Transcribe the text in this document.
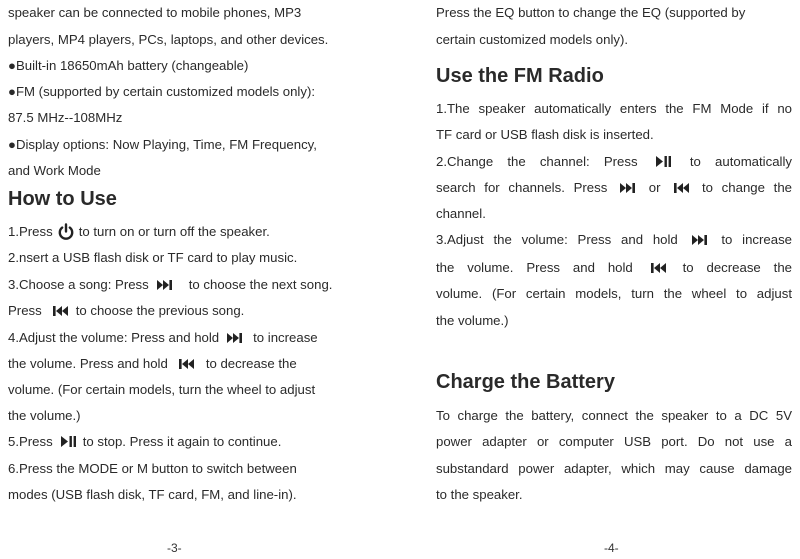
speaker can be connected to mobile phones, MP3
players, MP4 players, PCs, laptops, and other devices.
●Built-in 18650mAh battery (changeable)
●FM (supported by certain customized models only):
87.5 MHz--108MHz
●Display options: Now Playing, Time, FM Frequency,
and Work Mode
How to Use
1.Press to turn on or turn off the speaker.
2.nsert a USB flash disk or TF card to play music.
3.Choose a song: Press	to choose the next song.
Press	to choose the previous song.
4.Adjust the volume: Press and hold	to increase
the volume. Press and hold	to decrease the
volume. (For certain models, turn the wheel to adjust
the volume.)
5.Press to stop. Press it again to continue.
6.Press the MODE or M button to switch between
modes (USB flash disk, TF card, FM, and line-in).
-3-
Press the EQ button to change the EQ (supported by
certain customized models only).
Use the FM Radio
1.The speaker automatically enters the FM Mode if no
TF card or USB flash disk is inserted.
2.Change the channel: Press	to automatically
search for channels. Press	or	to change the
channel.
3.Adjust the volume: Press and hold	to increase
the volume. Press and hold	to decrease the
volume. (For certain models, turn the wheel to adjust
the volume.)
Charge the Battery
To charge the battery, connect the speaker to a DC 5V
power adapter or computer USB port. Do not use a
substandard power adapter, which may cause damage
to the speaker.
-4-
